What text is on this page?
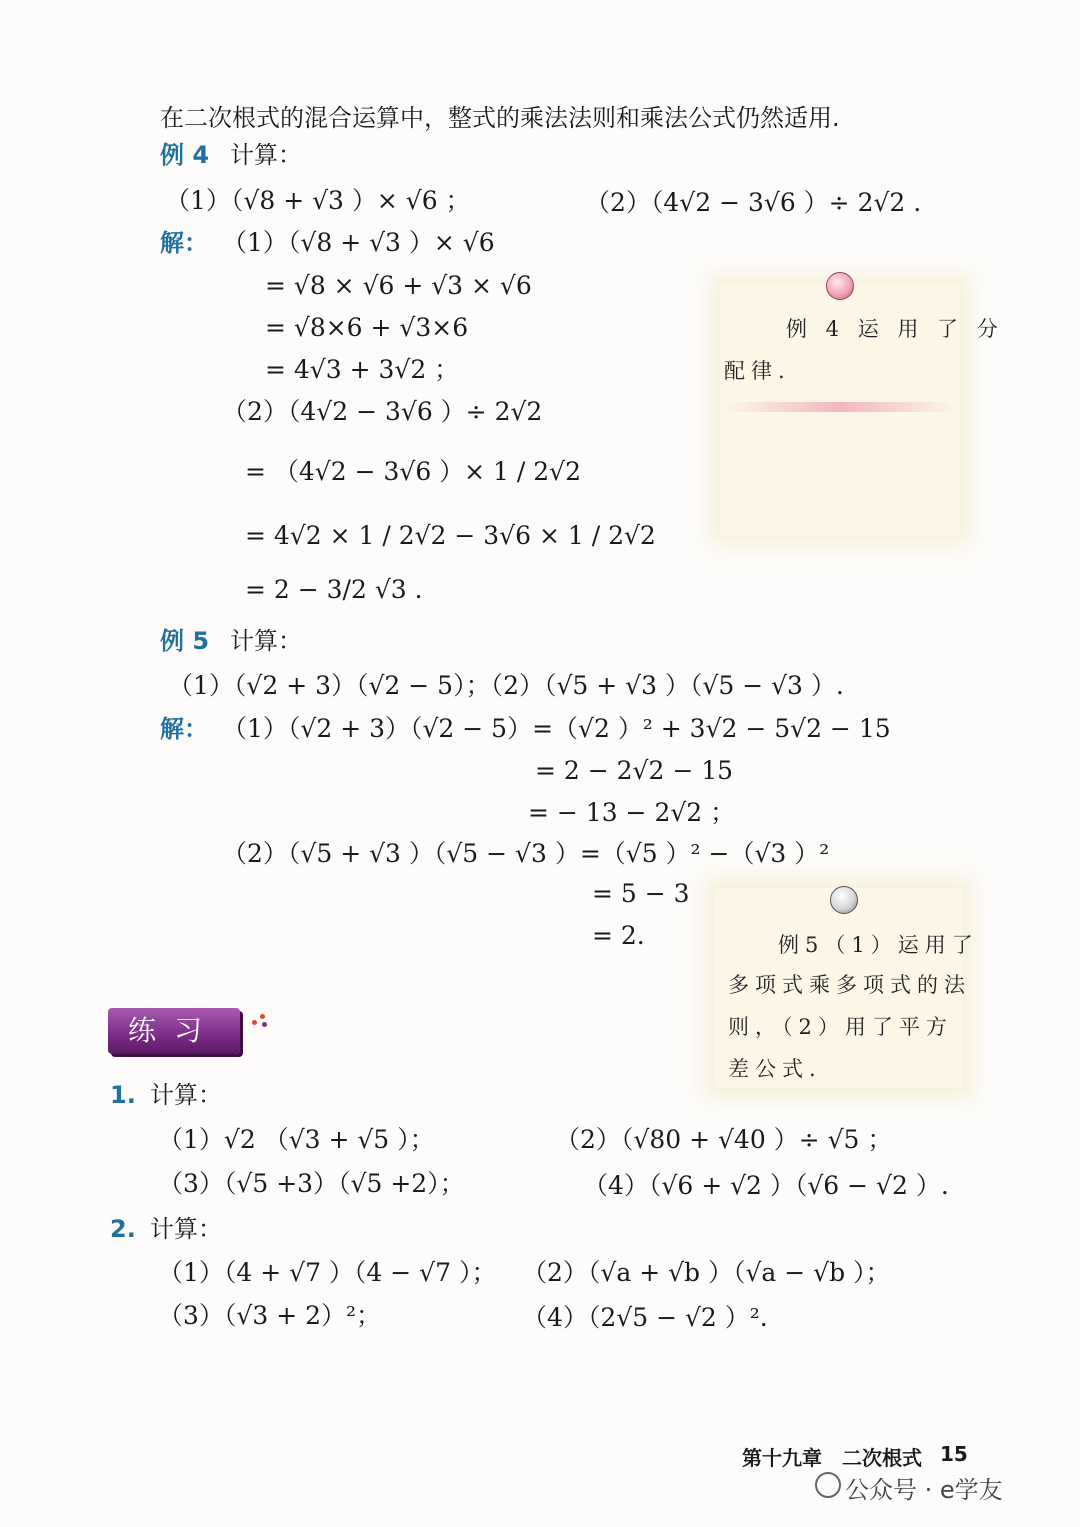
在二次根式的混合运算中，整式的乘法法则和乘法公式仍然适用.
例 4 计算：
（1）（√8 + √3 ）× √6 ；	（2）（4√2 − 3√6 ）÷ 2√2 .
解： （1）（√8 + √3 ）× √6
= √8 × √6 + √3 × √6
= √8×6 + √3×6
= 4√3 + 3√2 ；
（2）（4√2 − 3√6 ）÷ 2√2
= （4√2 − 3√6 ）× 1 / 2√2
= 4√2 × 1 / 2√2 − 3√6 × 1 / 2√2
= 2 − 3/2 √3 .
例 4 运 用 了 分
配律.
例 5 计算：
（1）（√2 + 3）（√2 − 5）；（2）（√5 + √3 ）（√5 − √3 ）.
解： （1）（√2 + 3）（√2 − 5）=（√2 ）² + 3√2 − 5√2 − 15
= 2 − 2√2 − 15
= − 13 − 2√2 ；
（2）（√5 + √3 ）（√5 − √3 ）=（√5 ）² −（√3 ）²
= 5 − 3
= 2.	例5（1）运用了
多项式乘多项式的法
则，（2）用了平方
差公式.
练习
1. 计算：
（1）√2 （√3 + √5 ）；	（2）（√80 + √40 ）÷ √5 ；
（3）（√5 +3）（√5 +2）；	（4）（√6 + √2 ）（√6 − √2 ）.
2. 计算：
（1）（4 + √7 ）（4 − √7 ）； （2）（√a + √b ）（√a − √b ）；
（3）（√3 + 2）²；	（4）（2√5 − √2 ）².
第十九章　二次根式 15
公众号 · e学友
